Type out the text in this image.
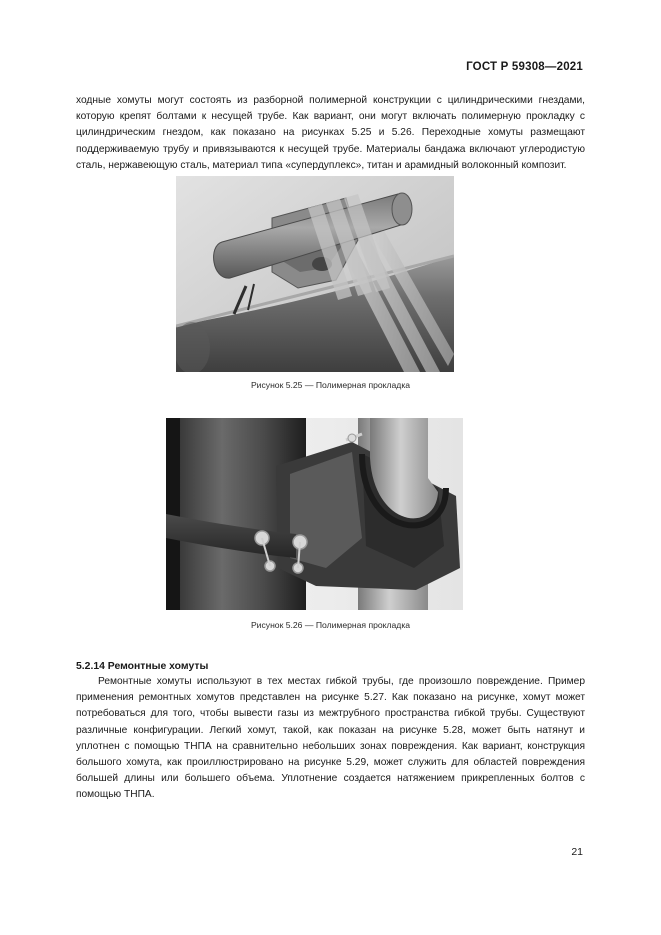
ГОСТ Р 59308—2021

ходные хомуты могут состоять из разборной полимерной конструкции с цилиндрическими гнездами, которую крепят болтами к несущей трубе. Как вариант, они могут включать полимерную прокладку с цилиндрическим гнездом, как показано на рисунках 5.25 и 5.26. Переходные хомуты размещают поддерживаемую трубу и привязываются к несущей трубе. Материалы бандажа включают углеродистую сталь, нержавеющую сталь, материал типа «супердуплекс», титан и арамидный волоконный композит.

Рисунок 5.25 — Полимерная прокладка
Рисунок 5.26 — Полимерная прокладка
5.2.14 Ремонтные хомуты

Ремонтные хомуты используют в тех местах гибкой трубы, где произошло повреждение. Пример применения ремонтных хомутов представлен на рисунке 5.27. Как показано на рисунке, хомут может потребоваться для того, чтобы вывести газы из межтрубного пространства гибкой трубы. Существуют различные конфигурации. Легкий хомут, такой, как показан на рисунке 5.28, может быть натянут и уплотнен с помощью ТНПА на сравнительно небольших зонах повреждения. Как вариант, конструкция большого хомута, как проиллюстрировано на рисунке 5.29, может служить для областей повреждения большей длины или большего объема. Уплотнение создается натяжением прикрепленных болтов с помощью ТНПА.

21
